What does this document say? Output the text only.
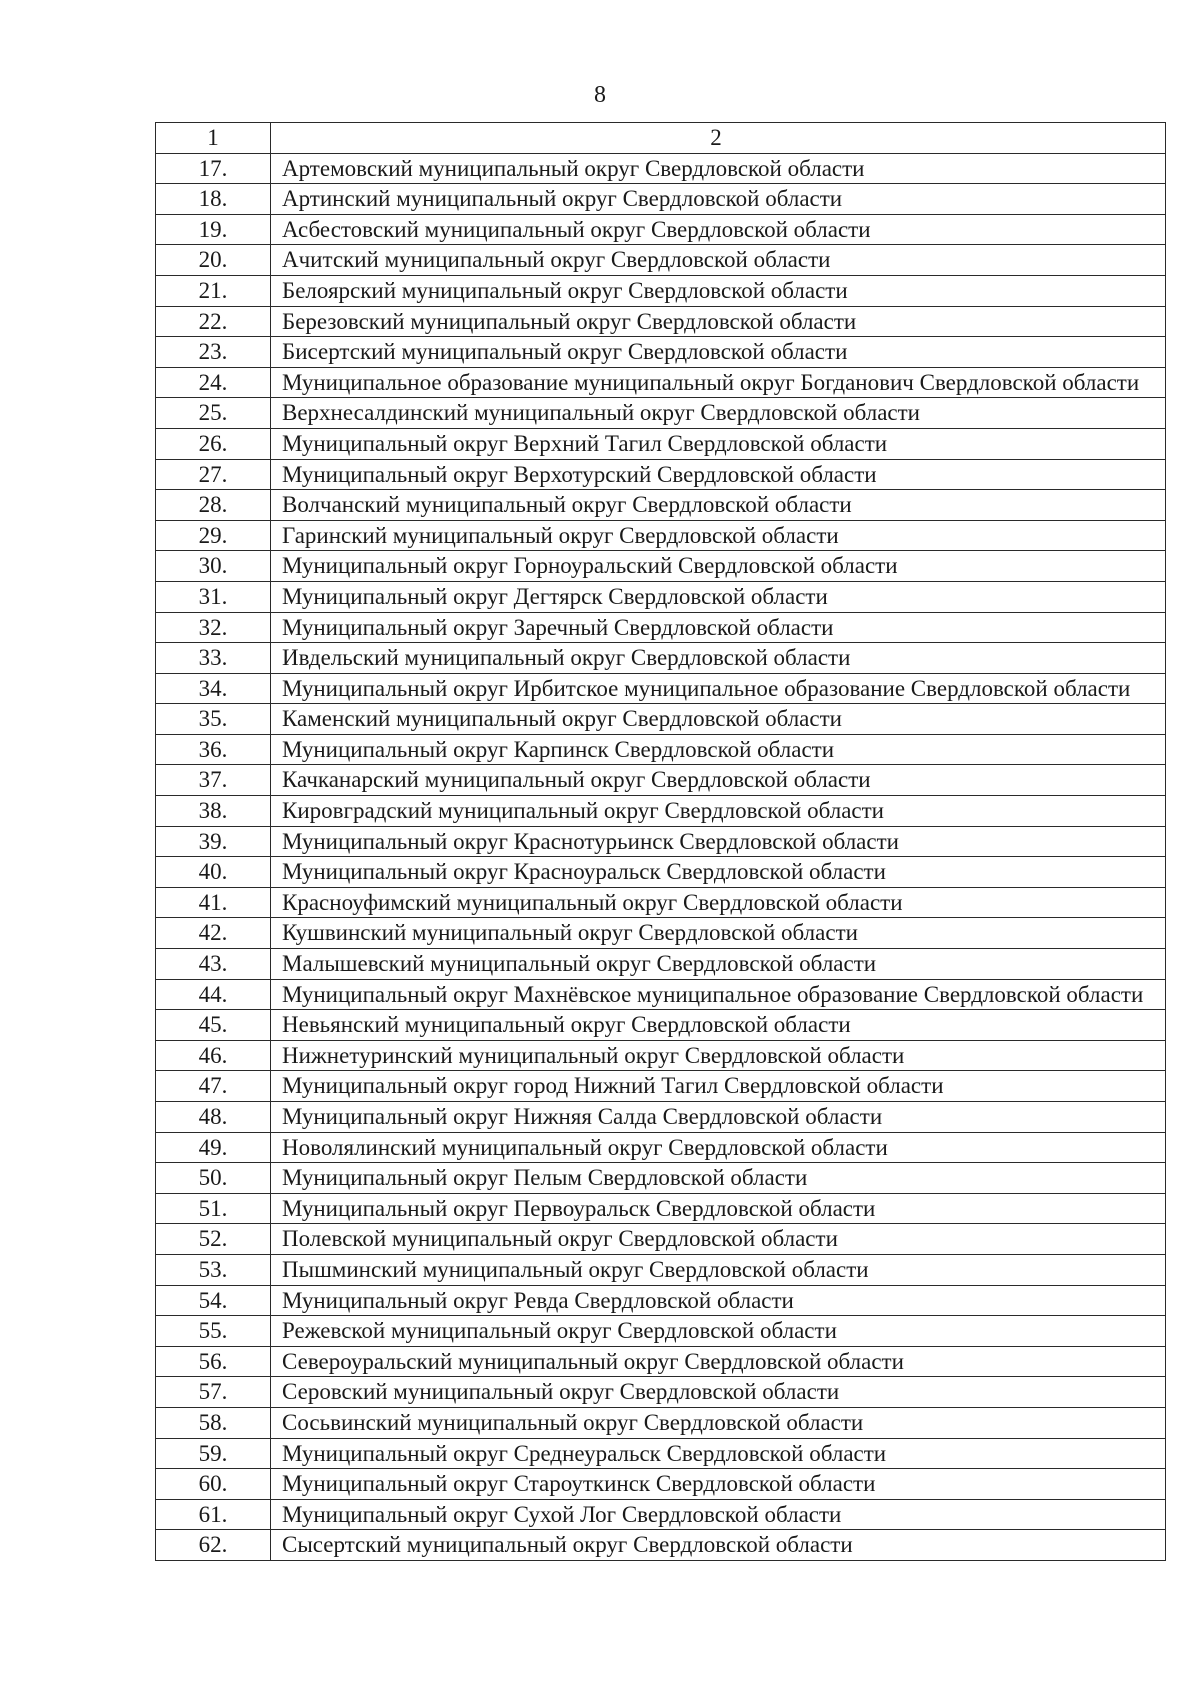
8
1	2
17.	Артемовский муниципальный округ Свердловской области
18.	Артинский муниципальный округ Свердловской области
19.	Асбестовский муниципальный округ Свердловской области
20.	Ачитский муниципальный округ Свердловской области
21.	Белоярский муниципальный округ Свердловской области
22.	Березовский муниципальный округ Свердловской области
23.	Бисертский муниципальный округ Свердловской области
24.	Муниципальное образование муниципальный округ Богданович Свердловской области
25.	Верхнесалдинский муниципальный округ Свердловской области
26.	Муниципальный округ Верхний Тагил Свердловской области
27.	Муниципальный округ Верхотурский Свердловской области
28.	Волчанский муниципальный округ Свердловской области
29.	Гаринский муниципальный округ Свердловской области
30.	Муниципальный округ Горноуральский Свердловской области
31.	Муниципальный округ Дегтярск Свердловской области
32.	Муниципальный округ Заречный Свердловской области
33.	Ивдельский муниципальный округ Свердловской области
34.	Муниципальный округ Ирбитское муниципальное образование Свердловской области
35.	Каменский муниципальный округ Свердловской области
36.	Муниципальный округ Карпинск Свердловской области
37.	Качканарский муниципальный округ Свердловской области
38.	Кировградский муниципальный округ Свердловской области
39.	Муниципальный округ Краснотурьинск Свердловской области
40.	Муниципальный округ Красноуральск Свердловской области
41.	Красноуфимский муниципальный округ Свердловской области
42.	Кушвинский муниципальный округ Свердловской области
43.	Малышевский муниципальный округ Свердловской области
44.	Муниципальный округ Махнёвское муниципальное образование Свердловской области
45.	Невьянский муниципальный округ Свердловской области
46.	Нижнетуринский муниципальный округ Свердловской области
47.	Муниципальный округ город Нижний Тагил Свердловской области
48.	Муниципальный округ Нижняя Салда Свердловской области
49.	Новолялинский муниципальный округ Свердловской области
50.	Муниципальный округ Пелым Свердловской области
51.	Муниципальный округ Первоуральск Свердловской области
52.	Полевской муниципальный округ Свердловской области
53.	Пышминский муниципальный округ Свердловской области
54.	Муниципальный округ Ревда Свердловской области
55.	Режевской муниципальный округ Свердловской области
56.	Североуральский муниципальный округ Свердловской области
57.	Серовский муниципальный округ Свердловской области
58.	Сосьвинский муниципальный округ Свердловской области
59.	Муниципальный округ Среднеуральск Свердловской области
60.	Муниципальный округ Староуткинск Свердловской области
61.	Муниципальный округ Сухой Лог Свердловской области
62.	Сысертский муниципальный округ Свердловской области
